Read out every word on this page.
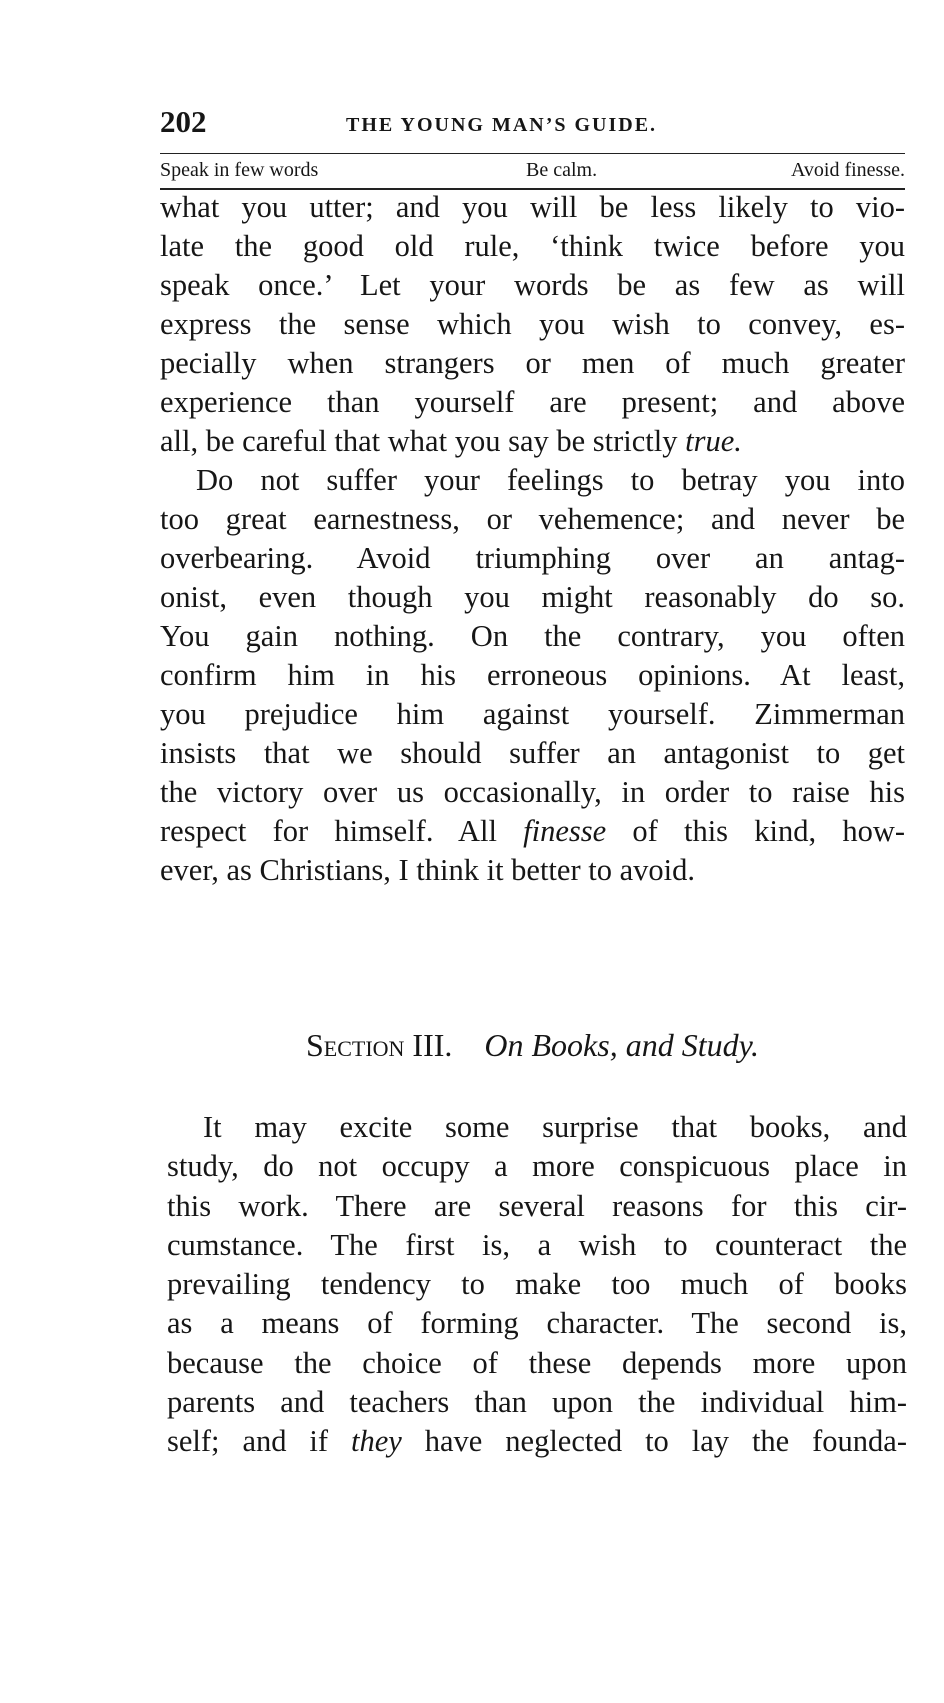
202	THE YOUNG MAN’S GUIDE.
Speak in few words	Be calm.	Avoid finesse.
what you utter; and you will be less likely to vio-
late the good old rule, ‘think twice before you
speak once.’ Let your words be as few as will
express the sense which you wish to convey, es-
pecially when strangers or men of much greater
experience than yourself are present; and above
all, be careful that what you say be strictly true.
Do not suffer your feelings to betray you into
too great earnestness, or vehemence; and never be
overbearing. Avoid triumphing over an antag-
onist, even though you might reasonably do so.
You gain nothing. On the contrary, you often
confirm him in his erroneous opinions. At least,
you prejudice him against yourself. Zimmerman
insists that we should suffer an antagonist to get
the victory over us occasionally, in order to raise his
respect for himself. All finesse of this kind, how-
ever, as Christians, I think it better to avoid.
Section III. On Books, and Study.
It may excite some surprise that books, and
study, do not occupy a more conspicuous place in
this work. There are several reasons for this cir-
cumstance. The first is, a wish to counteract the
prevailing tendency to make too much of books
as a means of forming character. The second is,
because the choice of these depends more upon
parents and teachers than upon the individual him-
self; and if they have neglected to lay the founda-
